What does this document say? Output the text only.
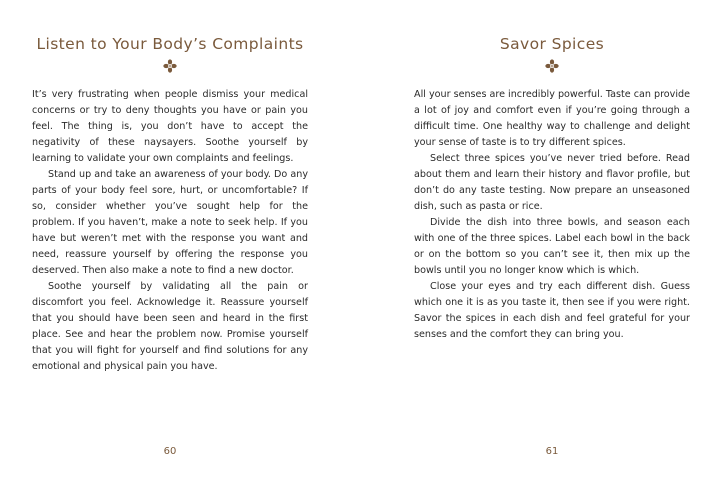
Listen to Your Body’s Complaints

It’s very frustrating when people dismiss your medical concerns or try to deny thoughts you have or pain you feel. The thing is, you don’t have to accept the negativity of these naysayers. Soothe yourself by learning to validate your own complaints and feelings.

Stand up and take an awareness of your body. Do any parts of your body feel sore, hurt, or uncomfortable? If so, consider whether you’ve sought help for the problem. If you haven’t, make a note to seek help. If you have but weren’t met with the response you want and need, reassure yourself by offering the response you deserved. Then also make a note to find a new doctor.

Soothe yourself by validating all the pain or discomfort you feel. Acknowledge it. Reassure yourself that you should have been seen and heard in the first place. See and hear the problem now. Promise yourself that you will fight for yourself and find solutions for any emotional and physical pain you have.

60
Savor Spices

All your senses are incredibly powerful. Taste can provide a lot of joy and comfort even if you’re going through a difficult time. One healthy way to challenge and delight your sense of taste is to try different spices.

Select three spices you’ve never tried before. Read about them and learn their history and flavor profile, but don’t do any taste testing. Now prepare an unseasoned dish, such as pasta or rice.

Divide the dish into three bowls, and season each with one of the three spices. Label each bowl in the back or on the bottom so you can’t see it, then mix up the bowls until you no longer know which is which.

Close your eyes and try each different dish. Guess which one it is as you taste it, then see if you were right. Savor the spices in each dish and feel grateful for your senses and the comfort they can bring you.

61
